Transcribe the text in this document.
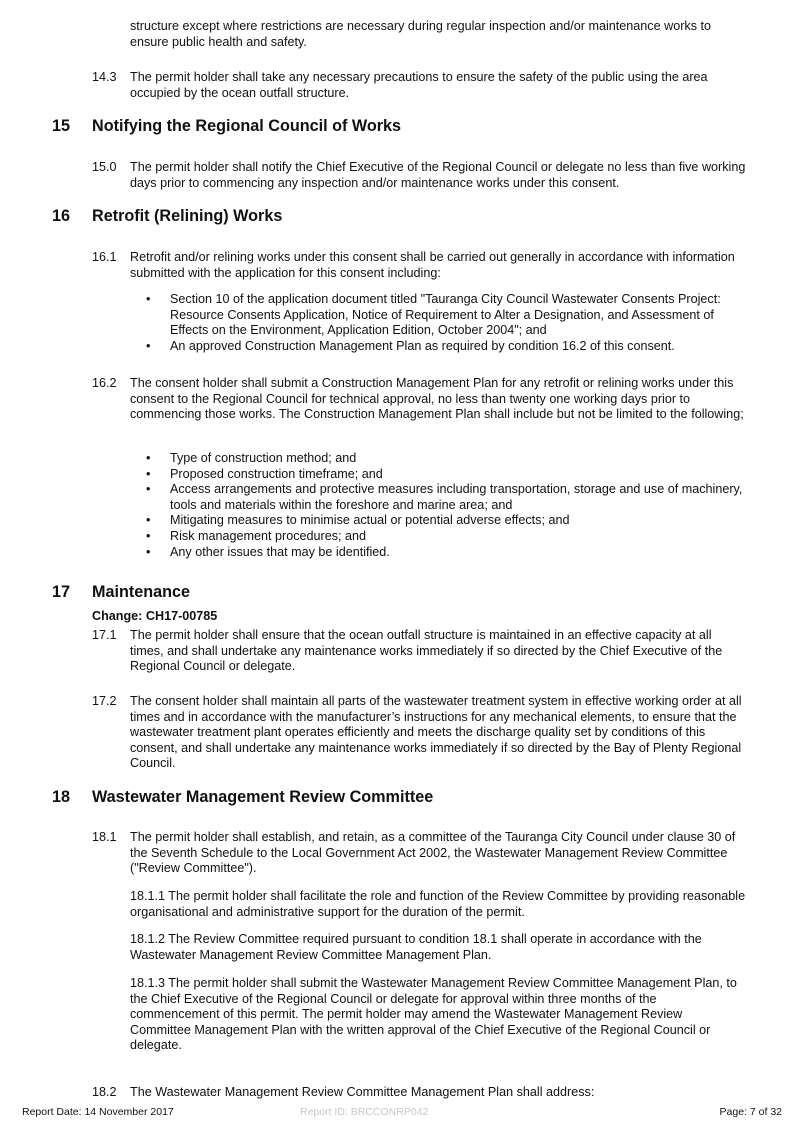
structure except where restrictions are necessary during regular inspection and/or maintenance works to ensure public health and safety.
14.3 The permit holder shall take any necessary precautions to ensure the safety of the public using the area occupied by the ocean outfall structure.
15 Notifying the Regional Council of Works
15.0 The permit holder shall notify the Chief Executive of the Regional Council or delegate no less than five working days prior to commencing any inspection and/or maintenance works under this consent.
16 Retrofit (Relining) Works
16.1 Retrofit and/or relining works under this consent shall be carried out generally in accordance with information submitted with the application for this consent including:
• Section 10 of the application document titled "Tauranga City Council Wastewater Consents Project: Resource Consents Application, Notice of Requirement to Alter a Designation, and Assessment of Effects on the Environment, Application Edition, October 2004"; and
• An approved Construction Management Plan as required by condition 16.2 of this consent.
16.2 The consent holder shall submit a Construction Management Plan for any retrofit or relining works under this consent to the Regional Council for technical approval, no less than twenty one working days prior to commencing those works. The Construction Management Plan shall include but not be limited to the following;
• Type of construction method; and
• Proposed construction timeframe; and
• Access arrangements and protective measures including transportation, storage and use of machinery, tools and materials within the foreshore and marine area; and
• Mitigating measures to minimise actual or potential adverse effects; and
• Risk management procedures; and
• Any other issues that may be identified.
17 Maintenance
Change: CH17-00785
17.1 The permit holder shall ensure that the ocean outfall structure is maintained in an effective capacity at all times, and shall undertake any maintenance works immediately if so directed by the Chief Executive of the Regional Council or delegate.
17.2 The consent holder shall maintain all parts of the wastewater treatment system in effective working order at all times and in accordance with the manufacturer’s instructions for any mechanical elements, to ensure that the wastewater treatment plant operates efficiently and meets the discharge quality set by conditions of this consent, and shall undertake any maintenance works immediately if so directed by the Bay of Plenty Regional Council.
18 Wastewater Management Review Committee
18.1 The permit holder shall establish, and retain, as a committee of the Tauranga City Council under clause 30 of the Seventh Schedule to the Local Government Act 2002, the Wastewater Management Review Committee ("Review Committee").
18.1.1 The permit holder shall facilitate the role and function of the Review Committee by providing reasonable organisational and administrative support for the duration of the permit.
18.1.2 The Review Committee required pursuant to condition 18.1 shall operate in accordance with the Wastewater Management Review Committee Management Plan.
18.1.3 The permit holder shall submit the Wastewater Management Review Committee Management Plan, to the Chief Executive of the Regional Council or delegate for approval within three months of the commencement of this permit. The permit holder may amend the Wastewater Management Review Committee Management Plan with the written approval of the Chief Executive of the Regional Council or delegate.
18.2 The Wastewater Management Review Committee Management Plan shall address:
Report Date: 14 November 2017	Report ID: BRCCONRP042	Page: 7 of 32
